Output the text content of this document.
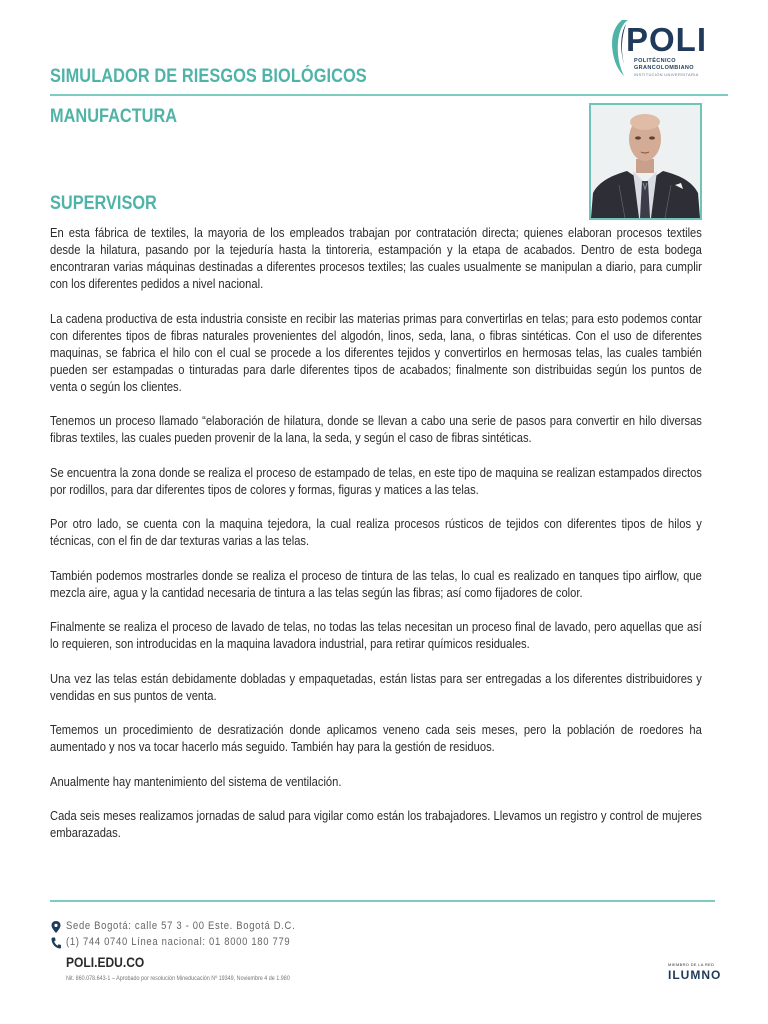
SIMULADOR DE RIESGOS BIOLÓGICOS
MANUFACTURA
SUPERVISOR
POLI
POLITÉCNICO
GRANCOLOMBIANO
INSTITUCIÓN UNIVERSITARIA

En esta fábrica de textiles, la mayoria de los empleados trabajan por contratación directa; quienes elaboran procesos textiles desde la hilatura, pasando por la tejeduría hasta la tintoreria, estampación y la etapa de acabados. Dentro de esta bodega encontraran varias máquinas destinadas a diferentes procesos textiles; las cuales usualmente se manipulan a diario, para cumplir con los diferentes pedidos a nivel nacional.

La cadena productiva de esta industria consiste en recibir las materias primas para convertirlas en telas; para esto podemos contar con diferentes tipos de fibras naturales provenientes del algodón, linos, seda, lana, o fibras sintéticas. Con el uso de diferentes maquinas, se fabrica el hilo con el cual se procede a los diferentes tejidos y convertirlos en hermosas telas, las cuales también pueden ser estampadas o tinturadas para darle diferentes tipos de acabados; finalmente son distribuidas según los puntos de venta o según los clientes.

Tenemos un proceso llamado “elaboración de hilatura, donde se llevan a cabo una serie de pasos para convertir en hilo diversas fibras textiles, las cuales pueden provenir de la lana, la seda, y según el caso de fibras sintéticas.

Se encuentra la zona donde se realiza el proceso de estampado de telas, en este tipo de maquina se realizan estampados directos por rodillos, para dar diferentes tipos de colores y formas, figuras y matices a las telas.

Por otro lado, se cuenta con la maquina tejedora, la cual realiza procesos rústicos de tejidos con diferentes tipos de hilos y técnicas, con el fin de dar texturas varias a las telas.

También podemos mostrarles donde se realiza el proceso de tintura de las telas, lo cual es realizado en tanques tipo airflow, que mezcla aire, agua y la cantidad necesaria de tintura a las telas según las fibras; así como fijadores de color.

Finalmente se realiza el proceso de lavado de telas, no todas las telas necesitan un proceso final de lavado, pero aquellas que así lo requieren, son introducidas en la maquina lavadora industrial, para retirar químicos residuales.

Una vez las telas están debidamente dobladas y empaquetadas, están listas para ser entregadas a los diferentes distribuidores y vendidas en sus puntos de venta.

Tememos un procedimiento de desratización donde aplicamos veneno cada seis meses, pero la población de roedores ha aumentado y nos va tocar hacerlo más seguido. También hay para la gestión de residuos.

Anualmente hay mantenimiento del sistema de ventilación.

Cada seis meses realizamos jornadas de salud para vigilar como están los trabajadores. Llevamos un registro y control de mujeres embarazadas.

Sede Bogotá: calle 57 3 - 00 Este. Bogotá D.C.
(1) 744 0740 Línea nacional: 01 8000 180 779
POLI.EDU.CO
Nit. 860.078.643-1 – Aprobado por resolución Mineducación Nº 19349, Noviembre 4 de 1.980
MIEMBRO DE LA RED
ILUMNO
